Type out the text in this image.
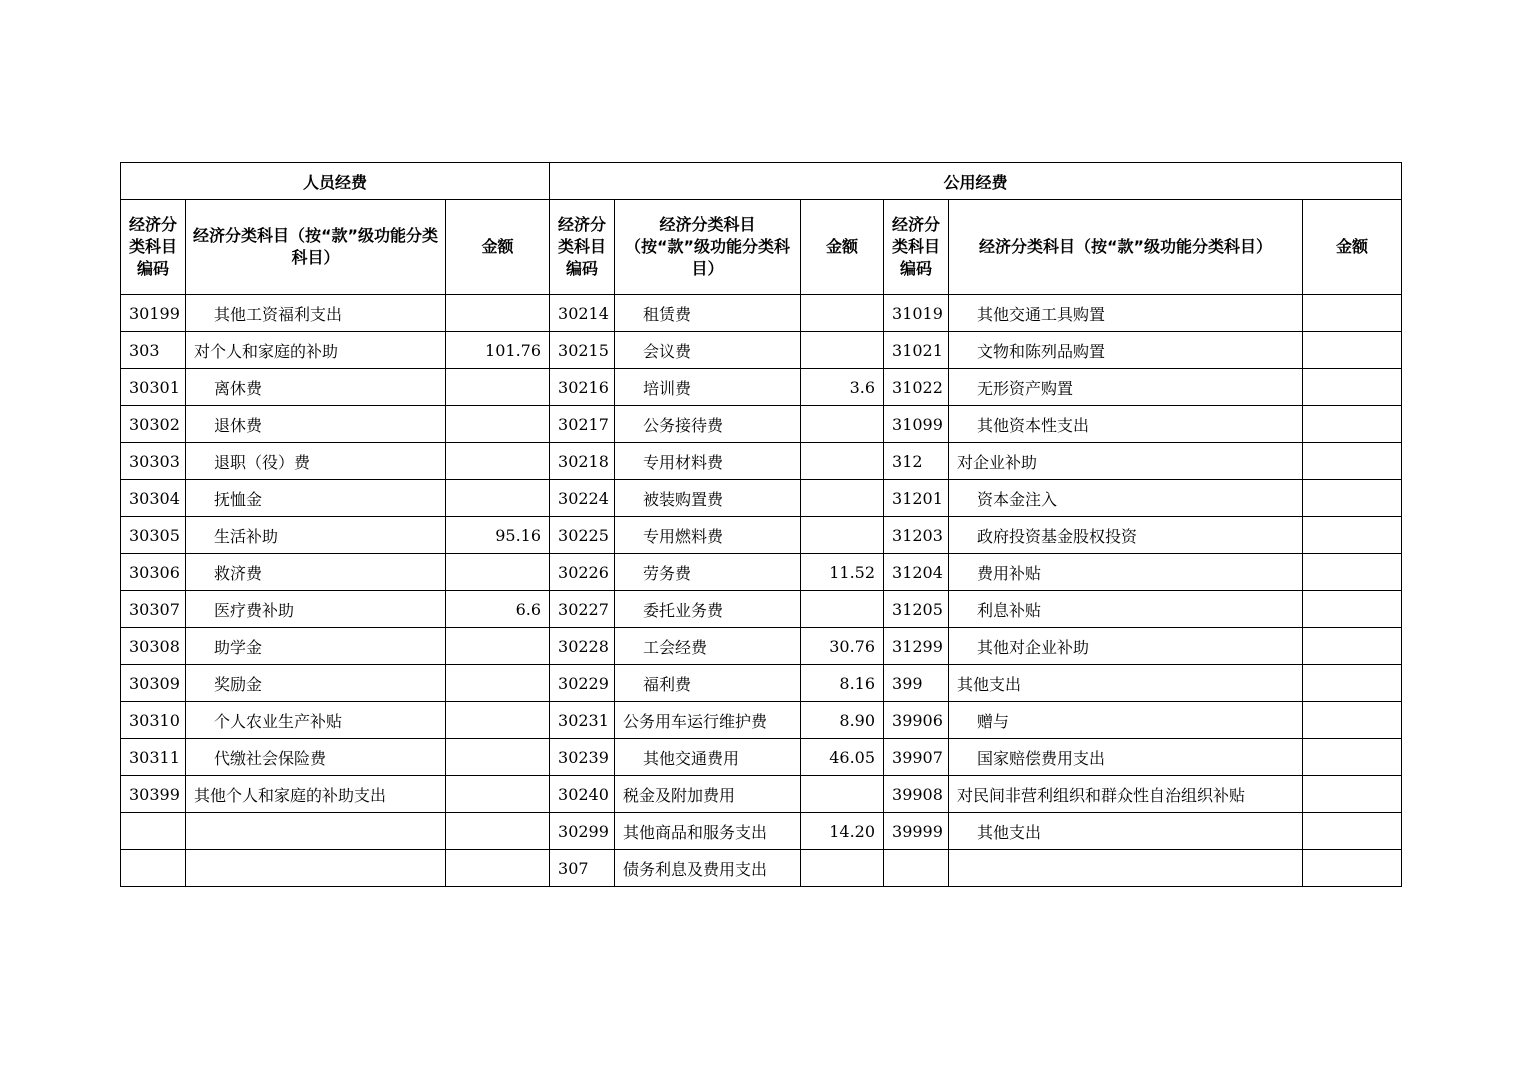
人员经费			公用经费					
经济分类科目编码	经济分类科目（按“款”级功能分类科目）	金额	经济分类科目编码	经济分类科目（按“款”级功能分类科目）	金额	经济分类科目编码	经济分类科目（按“款”级功能分类科目）	金额
30199	其他工资福利支出		30214	租赁费		31019	其他交通工具购置	
303	对个人和家庭的补助	101.76	30215	会议费		31021	文物和陈列品购置	
30301	离休费		30216	培训费	3.6	31022	无形资产购置	
30302	退休费		30217	公务接待费		31099	其他资本性支出	
30303	退职（役）费		30218	专用材料费		312	对企业补助	
30304	抚恤金		30224	被装购置费		31201	资本金注入	
30305	生活补助	95.16	30225	专用燃料费		31203	政府投资基金股权投资	
30306	救济费		30226	劳务费	11.52	31204	费用补贴	
30307	医疗费补助	6.6	30227	委托业务费		31205	利息补贴	
30308	助学金		30228	工会经费	30.76	31299	其他对企业补助	
30309	奖励金		30229	福利费	8.16	399	其他支出	
30310	个人农业生产补贴		30231	公务用车运行维护费	8.90	39906	赠与	
30311	代缴社会保险费		30239	其他交通费用	46.05	39907	国家赔偿费用支出	
30399	其他个人和家庭的补助支出		30240	税金及附加费用		39908	对民间非营利组织和群众性自治组织补贴	
			30299	其他商品和服务支出	14.20	39999	其他支出	
			307	债务利息及费用支出				
